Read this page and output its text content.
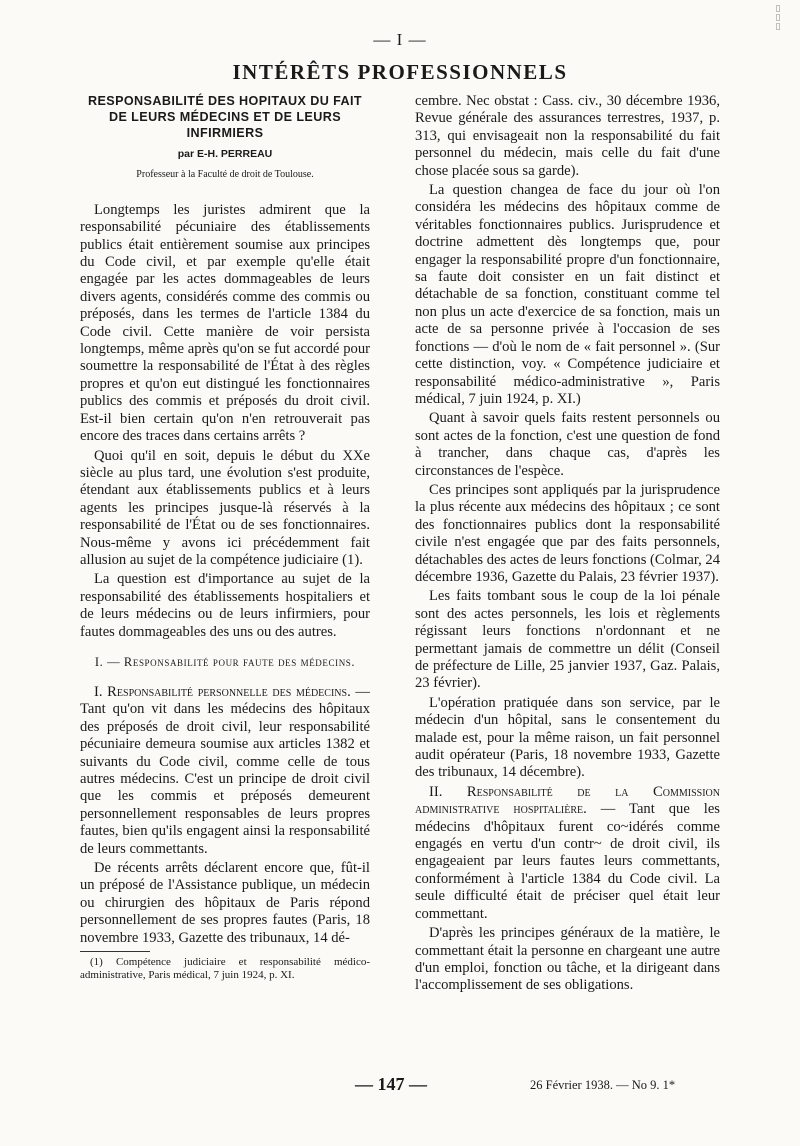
▯
▯
▯
— I —
INTÉRÊTS PROFESSIONNELS
RESPONSABILITÉ DES HOPITAUX DU FAIT DE LEURS MÉDECINS ET DE LEURS INFIRMIERS
par E-H. PERREAU
Professeur à la Faculté de droit de Toulouse.

Longtemps les juristes admirent que la responsabilité pécuniaire des établissements publics était entièrement soumise aux principes du Code civil, et par exemple qu'elle était engagée par les actes dommageables de leurs divers agents, considérés comme des commis ou préposés, dans les termes de l'article 1384 du Code civil. Cette manière de voir persista longtemps, même après qu'on se fut accordé pour soumettre la responsabilité de l'État à des règles propres et qu'on eut distingué les fonctionnaires publics des commis et préposés du droit civil. Est-il bien certain qu'on n'en retrouverait pas encore des traces dans certains arrêts ?

Quoi qu'il en soit, depuis le début du XXe siècle au plus tard, une évolution s'est produite, étendant aux établissements publics et à leurs agents les principes jusque-là réservés à la responsabilité de l'État ou de ses fonctionnaires. Nous-même y avons ici précédemment fait allusion au sujet de la compétence judiciaire (1).

La question est d'importance au sujet de la responsabilité des établissements hospitaliers et de leurs médecins ou de leurs infirmiers, pour fautes dommageables des uns ou des autres.

I. — Responsabilité pour faute des médecins.

I. Responsabilité personnelle des médecins. — Tant qu'on vit dans les médecins des hôpitaux des préposés de droit civil, leur responsabilité pécuniaire demeura soumise aux articles 1382 et suivants du Code civil, comme celle de tous autres médecins. C'est un principe de droit civil que les commis et préposés demeurent personnellement responsables de leurs propres fautes, bien qu'ils engagent ainsi la responsabilité de leurs commettants.

De récents arrêts déclarent encore que, fût-il un préposé de l'Assistance publique, un médecin ou chirurgien des hôpitaux de Paris répond personnellement de ses propres fautes (Paris, 18 novembre 1933, Gazette des tribunaux, 14 dé-

(1) Compétence judiciaire et responsabilité médico-administrative, Paris médical, 7 juin 1924, p. XI.

cembre. Nec obstat : Cass. civ., 30 décembre 1936, Revue générale des assurances terrestres, 1937, p. 313, qui envisageait non la responsabilité du fait personnel du médecin, mais celle du fait d'une chose placée sous sa garde).

La question changea de face du jour où l'on considéra les médecins des hôpitaux comme de véritables fonctionnaires publics. Jurisprudence et doctrine admettent dès longtemps que, pour engager la responsabilité propre d'un fonctionnaire, sa faute doit consister en un fait distinct et détachable de sa fonction, constituant comme tel non plus un acte d'exercice de sa fonction, mais un acte de sa personne privée à l'occasion de ses fonctions — d'où le nom de « fait personnel ». (Sur cette distinction, voy. « Compétence judiciaire et responsabilité médico-administrative », Paris médical, 7 juin 1924, p. XI.)

Quant à savoir quels faits restent personnels ou sont actes de la fonction, c'est une question de fond à trancher, dans chaque cas, d'après les circonstances de l'espèce.

Ces principes sont appliqués par la jurisprudence la plus récente aux médecins des hôpitaux ; ce sont des fonctionnaires publics dont la responsabilité civile n'est engagée que par des faits personnels, détachables des actes de leurs fonctions (Colmar, 24 décembre 1936, Gazette du Palais, 23 février 1937).

Les faits tombant sous le coup de la loi pénale sont des actes personnels, les lois et règlements régissant leurs fonctions n'ordonnant et ne permettant jamais de commettre un délit (Conseil de préfecture de Lille, 25 janvier 1937, Gaz. Palais, 23 février).

L'opération pratiquée dans son service, par le médecin d'un hôpital, sans le consentement du malade est, pour la même raison, un fait personnel audit opérateur (Paris, 18 novembre 1933, Gazette des tribunaux, 14 décembre).

II. Responsabilité de la Commission administrative hospitalière. — Tant que les médecins d'hôpitaux furent co~idérés comme engagés en vertu d'un contr~ de droit civil, ils engageaient par leurs fautes leurs commettants, conformément à l'article 1384 du Code civil. La seule difficulté était de préciser quel était leur commettant.

D'après les principes généraux de la matière, le commettant était la personne en chargeant une autre d'un emploi, fonction ou tâche, et la dirigeant dans l'accomplissement de ses obligations.

— 147 —	26 Février 1938. — No 9. 1*
